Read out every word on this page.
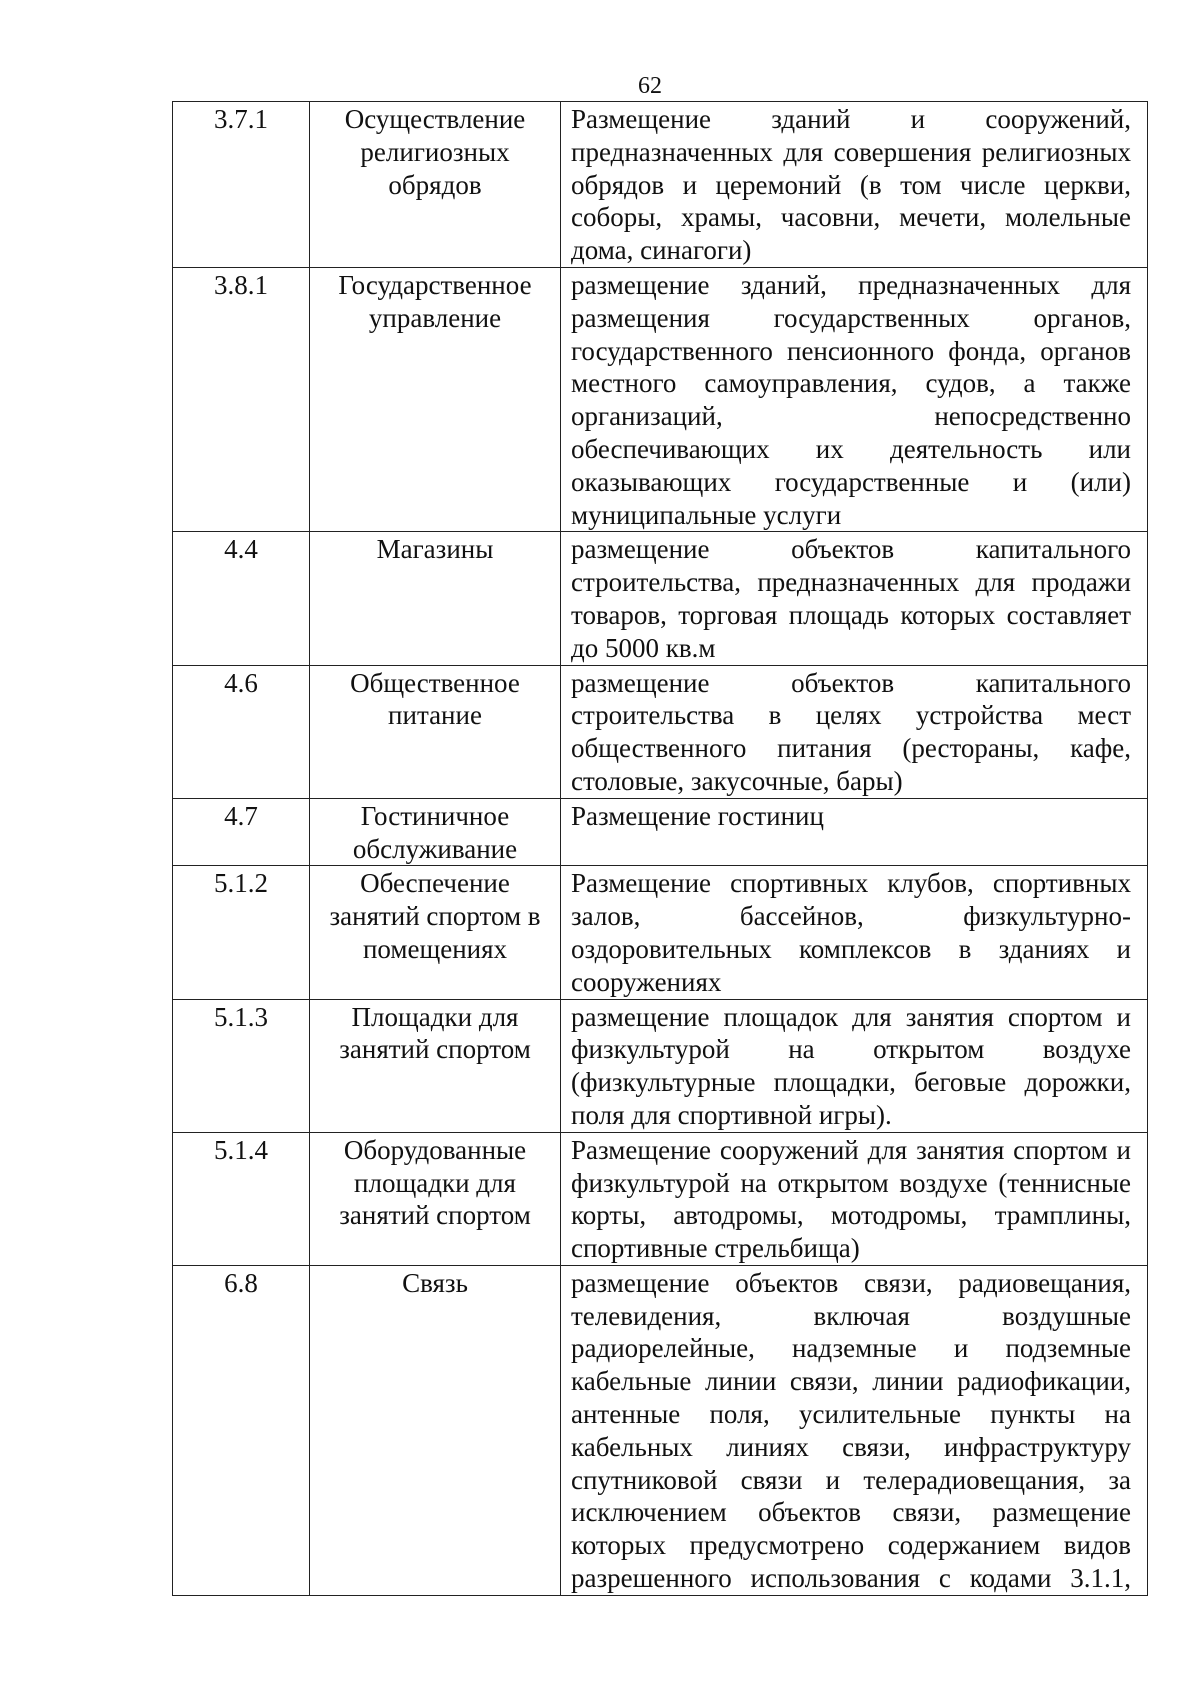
62
3.7.1	Осуществление религиозных обрядов	Размещение зданий и сооружений, предназначенных для совершения религиозных обрядов и церемоний (в том числе церкви, соборы, храмы, часовни, мечети, молельные дома, синагоги)
3.8.1	Государственное управление	размещение зданий, предназначенных для размещения государственных органов, государственного пенсионного фонда, органов местного самоуправления, судов, а также организаций, непосредственно обеспечивающих их деятельность или оказывающих государственные и (или) муниципальные услуги
4.4	Магазины	размещение объектов капитального строительства, предназначенных для продажи товаров, торговая площадь которых составляет до 5000 кв.м
4.6	Общественное питание	размещение объектов капитального строительства в целях устройства мест общественного питания (рестораны, кафе, столовые, закусочные, бары)
4.7	Гостиничное обслуживание	Размещение гостиниц
5.1.2	Обеспечение занятий спортом в помещениях	Размещение спортивных клубов, спортивных залов, бассейнов, физкультурно-оздоровительных комплексов в зданиях и сооружениях
5.1.3	Площадки для занятий спортом	размещение площадок для занятия спортом и физкультурой на открытом воздухе (физкультурные площадки, беговые дорожки, поля для спортивной игры).
5.1.4	Оборудованные площадки для занятий спортом	Размещение сооружений для занятия спортом и физкультурой на открытом воздухе (теннисные корты, автодромы, мотодромы, трамплины, спортивные стрельбища)
6.8	Связь	размещение объектов связи, радиовещания, телевидения, включая воздушные радиорелейные, надземные и подземные кабельные линии связи, линии радиофикации, антенные поля, усилительные пункты на кабельных линиях связи, инфраструктуру спутниковой связи и телерадиовещания, за исключением объектов связи, размещение которых предусмотрено содержанием видов разрешенного использования с кодами 3.1.1,
